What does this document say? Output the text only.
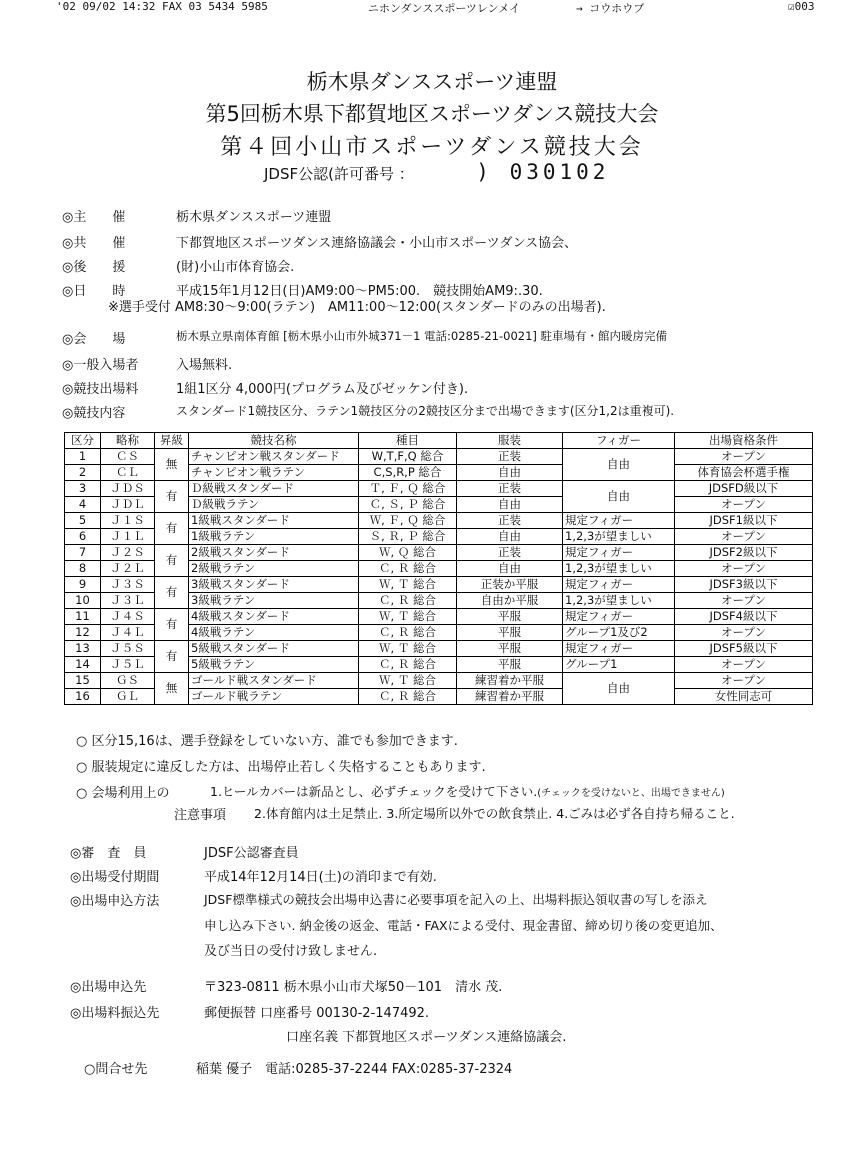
'02 09/02 14:32 FAX 03 5434 5985	ニホンダンススポーツレンメイ	→ コウホウブ	☑003
栃木県ダンススポーツ連盟
第5回栃木県下都賀地区スポーツダンス競技大会
第４回小山市スポーツダンス競技大会
JDSF公認(許可番号 ：	) 030102
◎主　　催	栃木県ダンススポーツ連盟
◎共　　催	下都賀地区スポーツダンス連絡協議会・小山市スポーツダンス協会、
◎後　　援	(財)小山市体育協会.
◎日　　時	平成15年1月12日(日)AM9:00～PM5:00.　競技開始AM9:.30.
※選手受付 AM8:30～9:00(ラテン)　AM11:00～12:00(スタンダードのみの出場者).
◎会　　場	栃木県立県南体育館 [栃木県小山市外城371－1 電話:0285-21-0021] 駐車場有・館内暖房完備
◎一般入場者	入場無料.
◎競技出場料	1組1区分 4,000円(プログラム及びゼッケン付き).
◎競技内容	スタンダード1競技区分、ラテン1競技区分の2競技区分まで出場できます(区分1,2は重複可).
区分	略称	昇級	競技名称	種目	服装	フィガー	出場資格条件
1	ＣＳ	無	チャンピオン戦スタンダード	W,T,F,Q 総合	正装	自由	オープン
2	ＣＬ		チャンピオン戦ラテン	C,S,R,P 総合	自由		体育協会杯選手権
3	ＪＤＳ	有	Ｄ級戦スタンダード	Ｔ, Ｆ, Ｑ 総合	正装	自由	JDSFD級以下
4	ＪＤＬ		Ｄ級戦ラテン	Ｃ, Ｓ, Ｐ 総合	自由		オープン
5	Ｊ１Ｓ	有	1級戦スタンダード	Ｗ, Ｆ, Ｑ 総合	正装	規定フィガー	JDSF1級以下
6	Ｊ１Ｌ		1級戦ラテン	Ｓ, Ｒ, Ｐ 総合	自由	1,2,3が望ましい	オープン
7	Ｊ２Ｓ	有	2級戦スタンダード	Ｗ, Ｑ 総合	正装	規定フィガー	JDSF2級以下
8	Ｊ２Ｌ		2級戦ラテン	Ｃ, Ｒ 総合	自由	1,2,3が望ましい	オープン
9	Ｊ３Ｓ	有	3級戦スタンダード	Ｗ, Ｔ 総合	正装か平服	規定フィガー	JDSF3級以下
10	Ｊ３Ｌ		3級戦ラテン	Ｃ, Ｒ 総合	自由か平服	1,2,3が望ましい	オープン
11	Ｊ４Ｓ	有	4級戦スタンダード	Ｗ, Ｔ 総合	平服	規定フィガー	JDSF4級以下
12	Ｊ４Ｌ		4級戦ラテン	Ｃ, Ｒ 総合	平服	グループ1及び2	オープン
13	Ｊ５Ｓ	有	5級戦スタンダード	Ｗ, Ｔ 総合	平服	規定フィガー	JDSF5級以下
14	Ｊ５Ｌ		5級戦ラテン	Ｃ, Ｒ 総合	平服	グループ1	オープン
15	ＧＳ	無	ゴールド戦スタンダード	Ｗ, Ｔ 総合	練習着か平服	自由	オープン
16	ＧＬ		ゴールド戦ラテン	Ｃ, Ｒ 総合	練習着か平服		女性同志可
○ 区分15,16は、選手登録をしていない方、誰でも参加できます.
○ 服装規定に違反した方は、出場停止若しく失格することもあります.
○ 会場利用上の	1.ヒールカバーは新品とし、必ずチェックを受けて下さい.(チェックを受けないと、出場できません)
注意事項 2.体育館内は土足禁止. 3.所定場所以外での飲食禁止. 4.ごみは必ず各自持ち帰ること.
◎審　査　員	JDSF公認審査員
◎出場受付期間	平成14年12月14日(土)の消印まで有効.
◎出場申込方法	JDSF標準様式の競技会出場申込書に必要事項を記入の上、出場料振込領収書の写しを添え
申し込み下さい. 納金後の返金、電話・FAXによる受付、現金書留、締め切り後の変更追加、
及び当日の受付け致しません.
◎出場申込先	〒323-0811 栃木県小山市犬塚50－101　清水 茂.
◎出場料振込先	郵便振替 口座番号 00130-2-147492.
口座名義 下都賀地区スポーツダンス連絡協議会.
○問合せ先	稲葉 優子　電話:0285-37-2244 FAX:0285-37-2324
